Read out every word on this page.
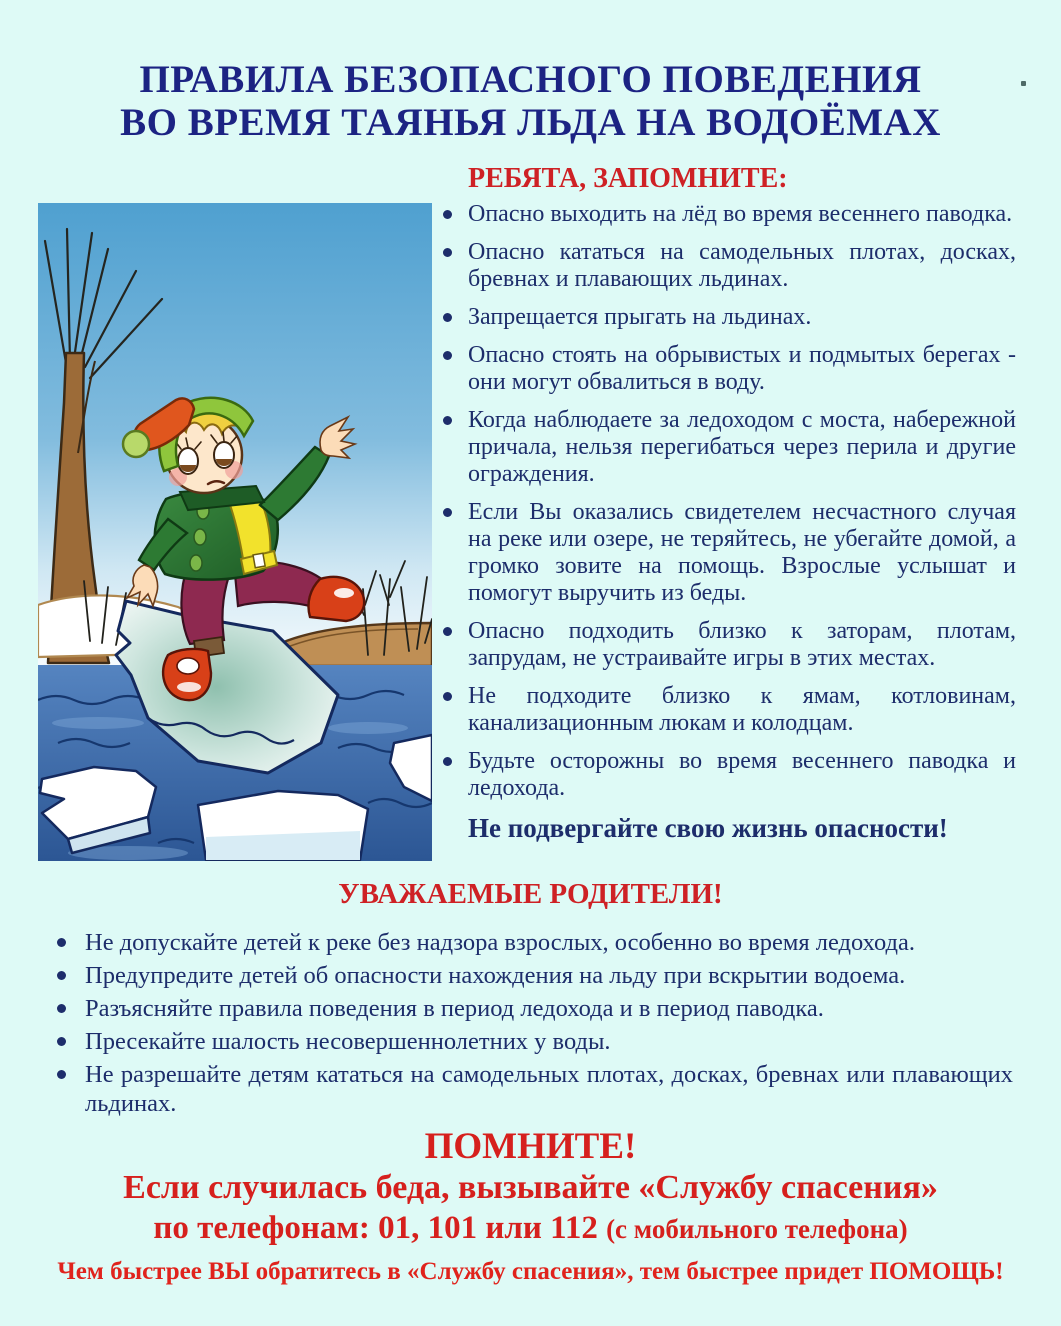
ПРАВИЛА БЕЗОПАСНОГО ПОВЕДЕНИЯ
ВО ВРЕМЯ ТАЯНЬЯ ЛЬДА НА ВОДОЁМАХ
РЕБЯТА, ЗАПОМНИТЕ:
Опасно выходить на лёд во время весеннего паводка.
Опасно кататься на самодельных плотах, досках, бревнах и плавающих льдинах.
Запрещается прыгать на льдинах.
Опасно стоять на обрывистых и подмытых берегах - они могут обвалиться в воду.
Когда наблюдаете за ледоходом с моста, набережной причала, нельзя перегибаться через перила и другие ограждения.
Если Вы оказались свидетелем несчастного случая на реке или озере, не теряйтесь, не убегайте домой, а громко зовите на помощь. Взрослые услышат и помогут выручить из беды.
Опасно подходить близко к заторам, плотам, запрудам, не устраивайте игры в этих местах.
Не подходите близко к ямам, котловинам, канализационным люкам и колодцам.
Будьте осторожны во время весеннего паводка и ледохода.
Не подвергайте свою жизнь опасности!
УВАЖАЕМЫЕ РОДИТЕЛИ!
Не допускайте детей к реке без надзора взрослых, особенно во время ледохода.
Предупредите детей об опасности нахождения на льду при вскрытии водоема.
Разъясняйте правила поведения в период ледохода и в период паводка.
Пресекайте шалость несовершеннолетних у воды.
Не разрешайте детям кататься на самодельных плотах, досках, бревнах или плавающих льдинах.
ПОМНИТЕ!
Если случилась беда, вызывайте «Службу спасения»
по телефонам: 01, 101 или 112 (с мобильного телефона)
Чем быстрее ВЫ обратитесь в «Службу спасения», тем быстрее придет ПОМОЩЬ!
